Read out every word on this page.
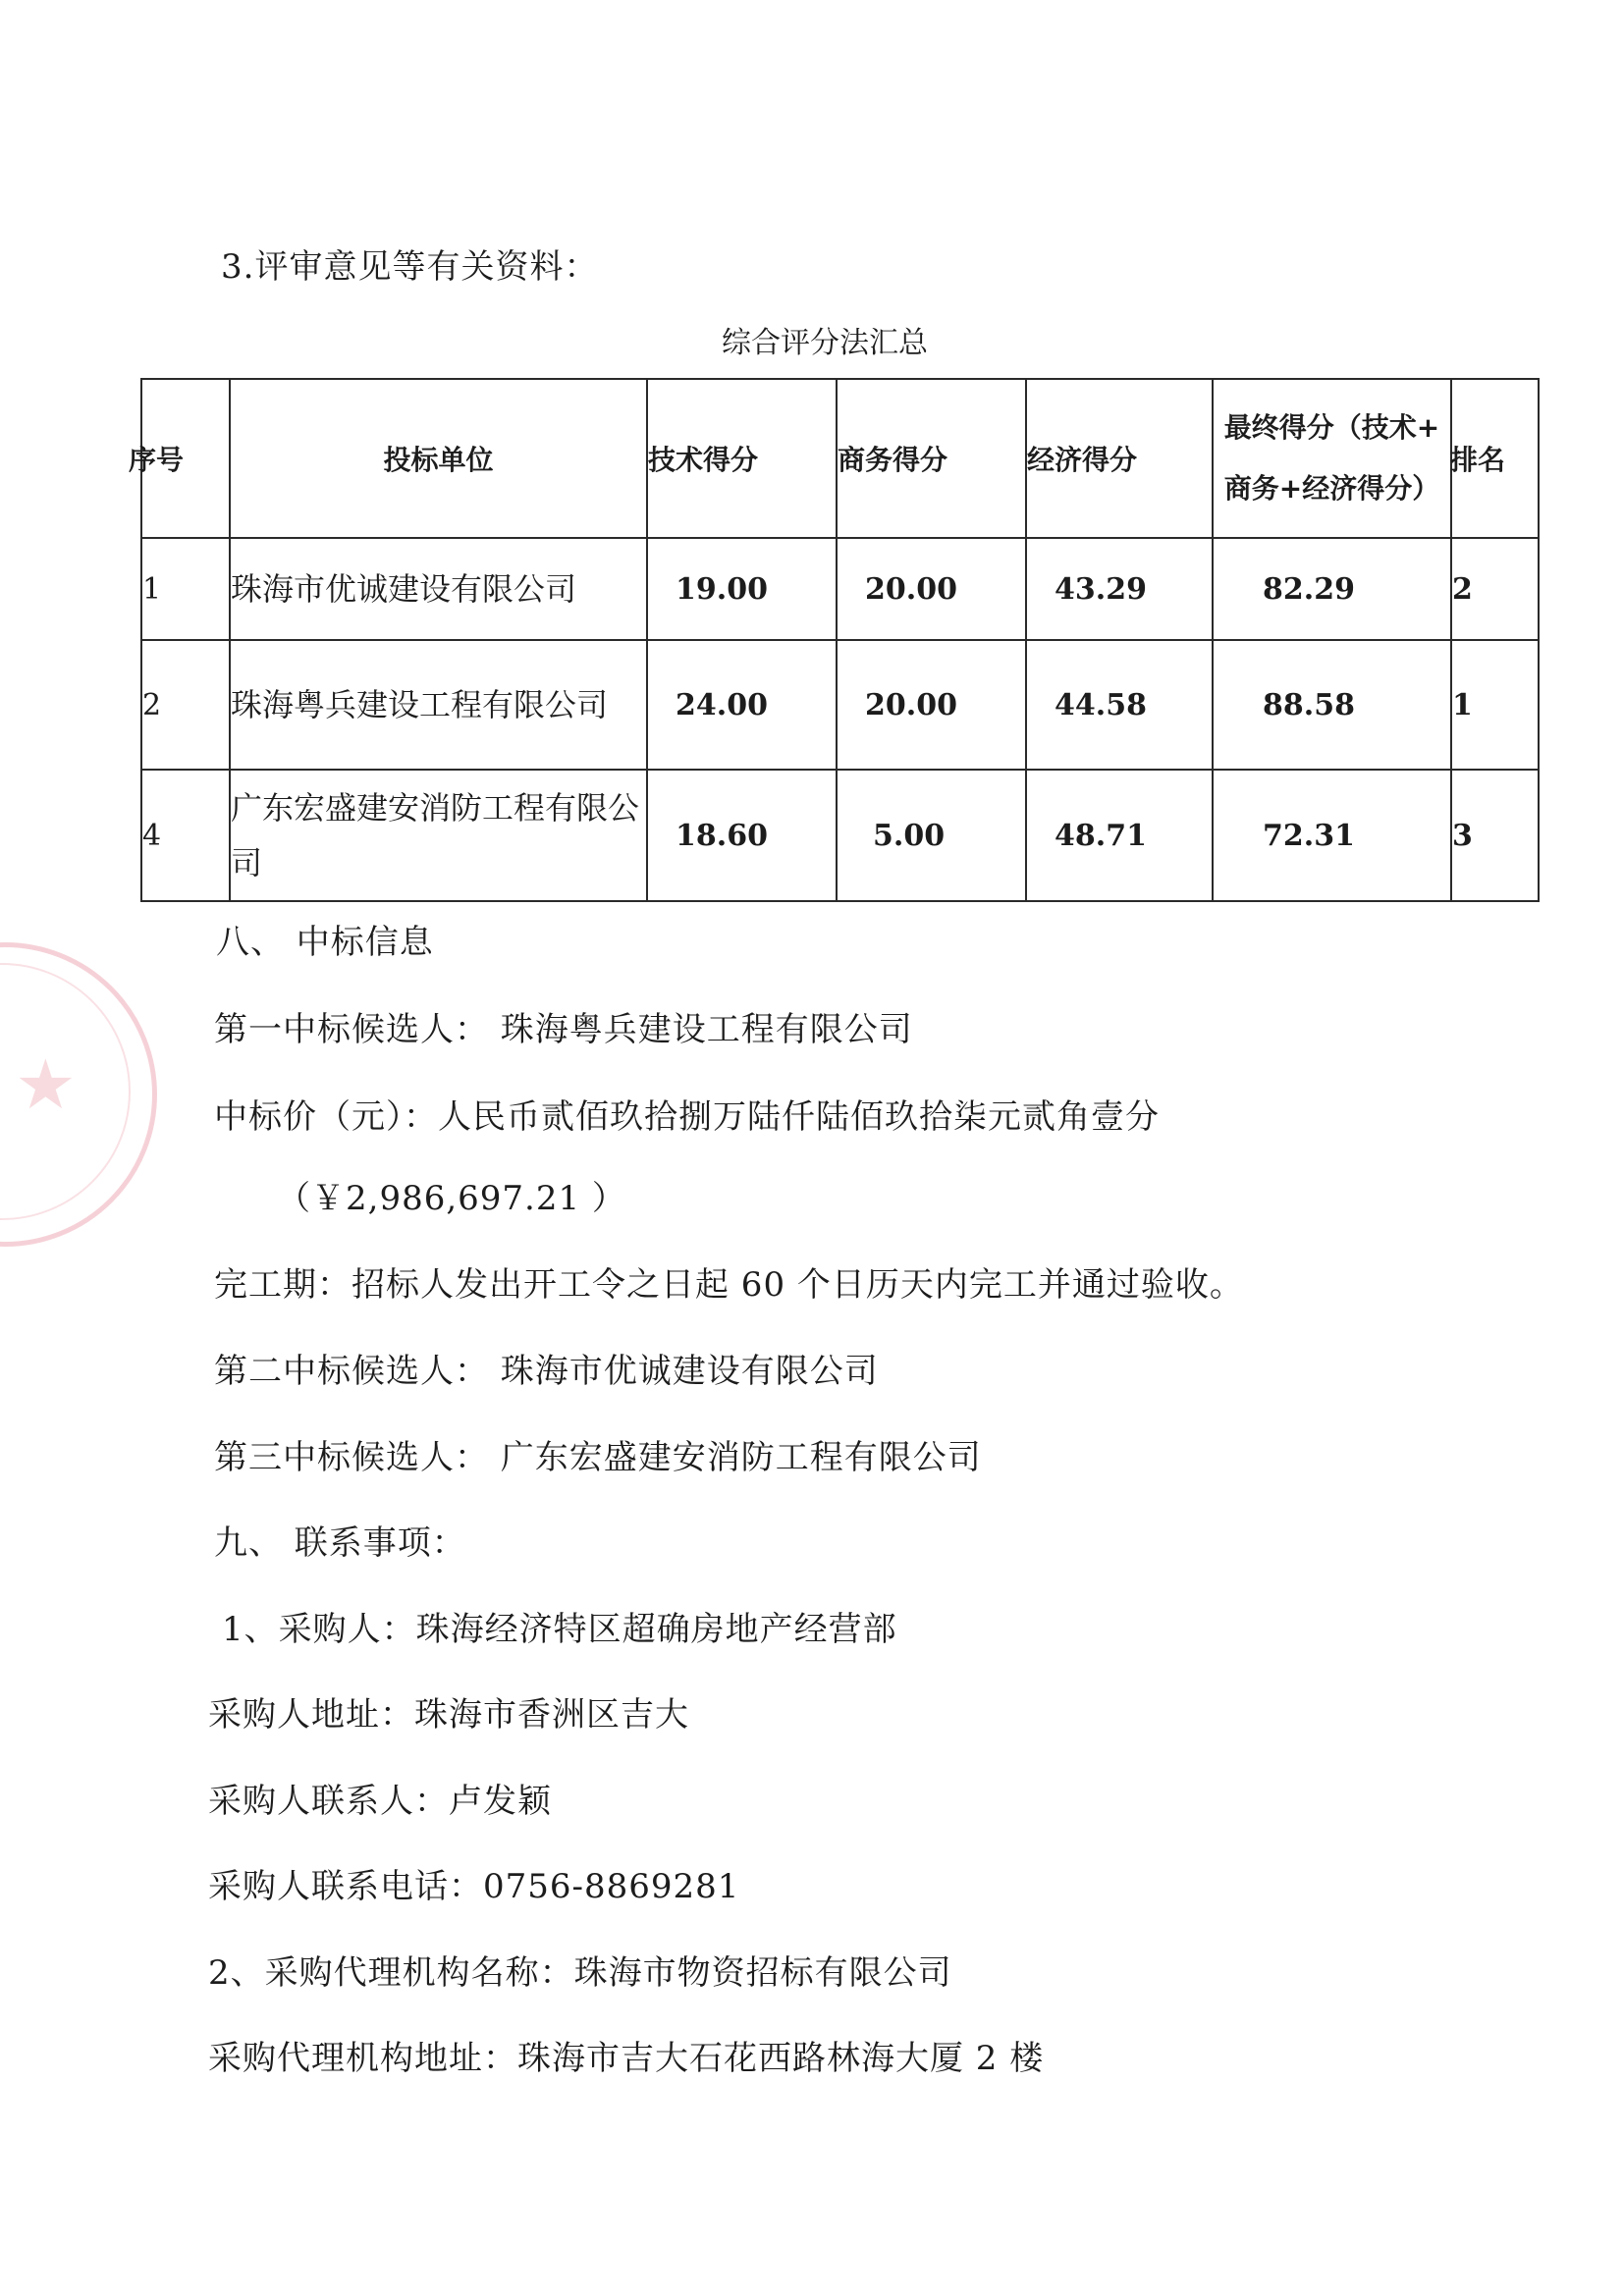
★
3.评审意见等有关资料：
综合评分法汇总
序号	投标单位	技术得分	商务得分	经济得分	最终得分（技术+
商务+经济得分）	排名
1	珠海市优诚建设有限公司	19.00	20.00	43.29	82.29	2
2	珠海粤兵建设工程有限公司	24.00	20.00	44.58	88.58	1
4	广东宏盛建安消防工程有限公司	18.60	5.00	48.71	72.31	3
八、 中标信息
第一中标候选人： 珠海粤兵建设工程有限公司
中标价（元）：人民币贰佰玖拾捌万陆仟陆佰玖拾柒元贰角壹分
（￥2,986,697.21 ）
完工期：招标人发出开工令之日起 60 个日历天内完工并通过验收。
第二中标候选人： 珠海市优诚建设有限公司
第三中标候选人： 广东宏盛建安消防工程有限公司
九、 联系事项：
1、采购人：珠海经济特区超确房地产经营部
采购人地址：珠海市香洲区吉大
采购人联系人：卢发颖
采购人联系电话：0756-8869281
2、采购代理机构名称：珠海市物资招标有限公司
采购代理机构地址：珠海市吉大石花西路林海大厦 2 楼
